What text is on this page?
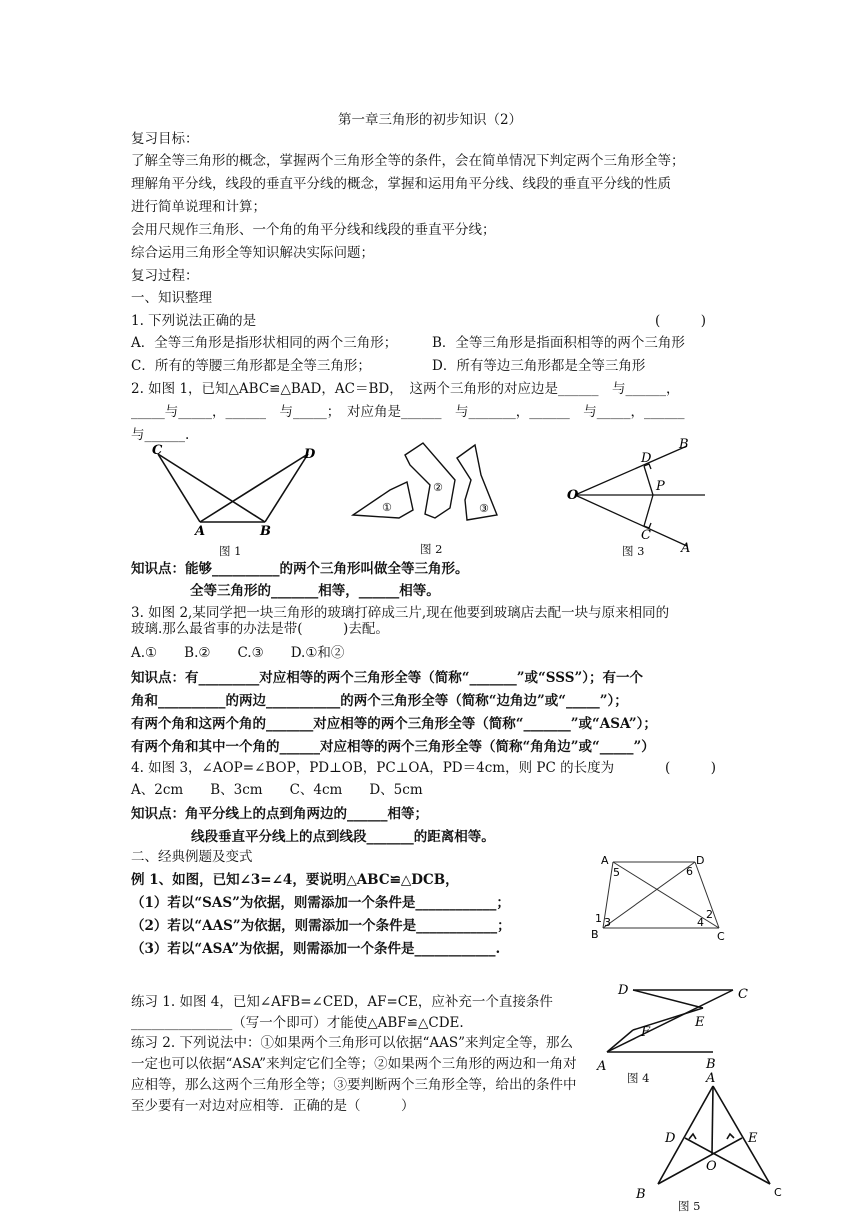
第一章三角形的初步知识（2）
复习目标：
了解全等三角形的概念，掌握两个三角形全等的条件，会在简单情况下判定两个三角形全等；
理解角平分线，线段的垂直平分线的概念，掌握和运用角平分线、线段的垂直平分线的性质
进行简单说理和计算；
会用尺规作三角形、一个角的角平分线和线段的垂直平分线；
综合运用三角形全等知识解决实际问题；
复习过程：
一、知识整理
1. 下列说法正确的是	(　　　)
A．全等三角形是指形状相同的两个三角形；	B．全等三角形是指面积相等的两个三角形
C．所有的等腰三角形都是全等三角形；	D．所有等边三角形都是全等三角形
2. 如图 1，已知△ABC≌△BAD，AC＝BD，　这两个三角形的对应边是______　与______，
_____与_____，______　与_____；　对应角是______　与_______，______　与_____，______
与______.
C	D
A	B
图 1
①
②
③
图 2
B
D
O
P
C
A
图 3
知识点：能够__________的两个三角形叫做全等三角形。
全等三角形的_______相等，______相等。
3. 如图 2,某同学把一块三角形的玻璃打碎成三片,现在他要到玻璃店去配一块与原来相同的
玻璃.那么最省事的办法是带(　　　)去配。
A.①　　B.②　　C.③　　D.①和②
知识点：有_________对应相等的两个三角形全等（简称“_______”或“SSS”）；有一个
角和__________的两边___________的两个三角形全等（简称“边角边”或“_____”）；
有两个角和这两个角的_______对应相等的两个三角形全等（简称“_______”或“ASA”）；
有两个角和其中一个角的______对应相等的两个三角形全等（简称“角角边”或“_____”）
4. 如图 3，∠AOP=∠BOP，PD⊥OB，PC⊥OA，PD＝4cm，则 PC 的长度为	(　　　)
A、2cm　　B、3cm　　C、4cm　　D、5cm
知识点：角平分线上的点到角两边的______相等；
线段垂直平分线上的点到线段_______的距离相等。
二、经典例题及变式
例 1、如图，已知∠3=∠4，要说明△ABC≌△DCB，
（1）若以“SAS”为依据，则需添加一个条件是____________；
（2）若以“AAS”为依据，则需添加一个条件是____________；
（3）若以“ASA”为依据，则需添加一个条件是____________.
A	D
5	6
1 3
2
4
B	C
练习 1. 如图 4，已知∠AFB=∠CED，AF=CE，应补充一个直接条件_______________（写一个即可）才能使△ABF≌△CDE.
练习 2. 下列说法中：①如果两个三角形可以依据“AAS”来判定全等，那么一定也可以依据“ASA”来判定它们全等；②如果两个三角形的两边和一角对应相等，那么这两个三角形全等；③要判断两个三角形全等，给出的条件中至少要有一对边对应相等．正确的是（　　　）
D	C
E
F
A	B
图 4	A
D	E
O
B	C
图 5
